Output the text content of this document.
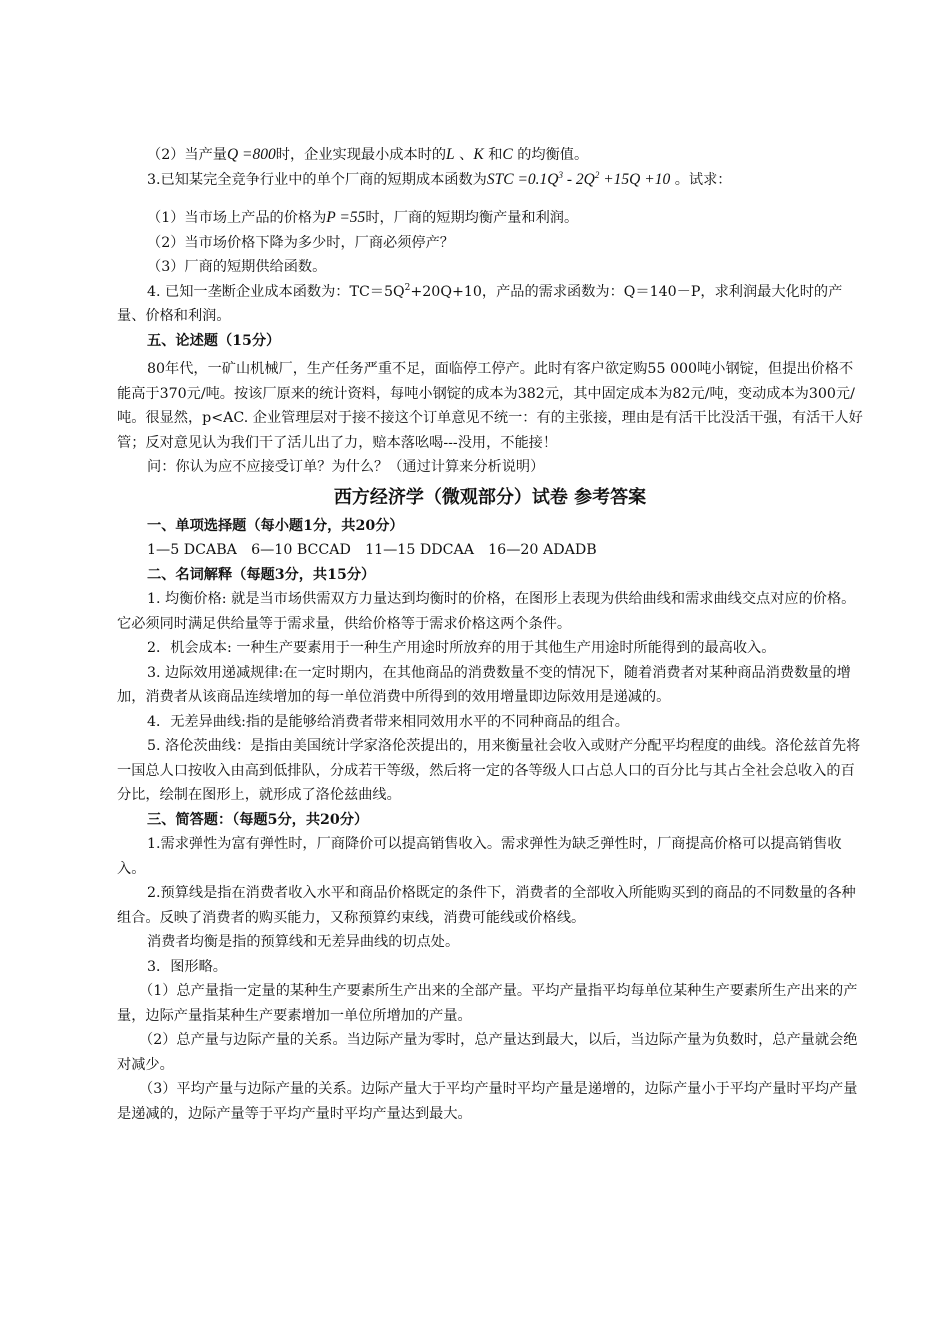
（2）当产量Q =800时，企业实现最小成本时的L 、K 和C 的均衡值。

3.已知某完全竞争行业中的单个厂商的短期成本函数为STC $=0.1Q^3 - 2Q^2 +15Q +10$ 。试求：

（1）当市场上产品的价格为P =55时，厂商的短期均衡产量和利润。

（2）当市场价格下降为多少时，厂商必须停产？

（3）厂商的短期供给函数。

4. 已知一垄断企业成本函数为：$TC=5Q^2+20Q+10$，产品的需求函数为：Q＝140－P，求利润最大化时的产量、价格和利润。

五、论述题（15分）

80年代，一矿山机械厂，生产任务严重不足，面临停工停产。此时有客户欲定购55 000吨小钢锭，但提出价格不能高于370元/吨。按该厂原来的统计资料，每吨小钢锭的成本为382元，其中固定成本为82元/吨，变动成本为300元/吨。很显然，p<AC. 企业管理层对于接不接这个订单意见不统一：有的主张接，理由是有活干比没活干强，有活干人好管；反对意见认为我们干了活儿出了力，赔本落吆喝---没用，不能接！

问：你认为应不应接受订单？为什么？（通过计算来分析说明）

西方经济学（微观部分）试卷 参考答案

一、单项选择题（每小题1分，共20分）

1—5 DCABA　6—10 BCCAD　11—15 DDCAA　16—20 ADADB

二、名词解释（每题3分，共15分）

1. 均衡价格: 就是当市场供需双方力量达到均衡时的价格，在图形上表现为供给曲线和需求曲线交点对应的价格。它必须同时满足供给量等于需求量，供给价格等于需求价格这两个条件。

2．机会成本: 一种生产要素用于一种生产用途时所放弃的用于其他生产用途时所能得到的最高收入。

3. 边际效用递减规律:在一定时期内，在其他商品的消费数量不变的情况下，随着消费者对某种商品消费数量的增加，消费者从该商品连续增加的每一单位消费中所得到的效用增量即边际效用是递减的。

4．无差异曲线:指的是能够给消费者带来相同效用水平的不同种商品的组合。

5. 洛伦茨曲线：是指由美国统计学家洛伦茨提出的，用来衡量社会收入或财产分配平均程度的曲线。洛伦兹首先将一国总人口按收入由高到低排队，分成若干等级，然后将一定的各等级人口占总人口的百分比与其占全社会总收入的百分比，绘制在图形上，就形成了洛伦兹曲线。

三、简答题：（每题5分，共20分）

1.需求弹性为富有弹性时，厂商降价可以提高销售收入。需求弹性为缺乏弹性时，厂商提高价格可以提高销售收入。

2.预算线是指在消费者收入水平和商品价格既定的条件下，消费者的全部收入所能购买到的商品的不同数量的各种组合。反映了消费者的购买能力，又称预算约束线，消费可能线或价格线。

消费者均衡是指的预算线和无差异曲线的切点处。

3．图形略。

（1）总产量指一定量的某种生产要素所生产出来的全部产量。平均产量指平均每单位某种生产要素所生产出来的产量，边际产量指某种生产要素增加一单位所增加的产量。

（2）总产量与边际产量的关系。当边际产量为零时，总产量达到最大，以后，当边际产量为负数时，总产量就会绝对减少。

（3）平均产量与边际产量的关系。边际产量大于平均产量时平均产量是递增的，边际产量小于平均产量时平均产量是递减的，边际产量等于平均产量时平均产量达到最大。
